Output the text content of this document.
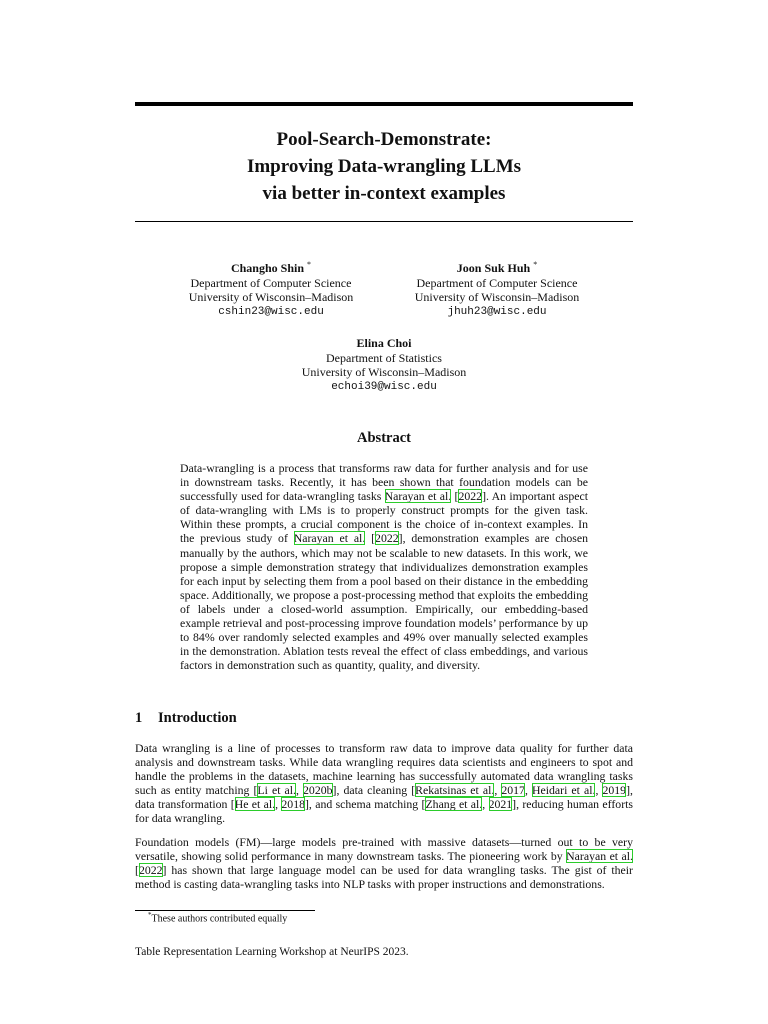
Pool-Search-Demonstrate:
Improving Data-wrangling LLMs
via better in-context examples
Changho Shin *
Department of Computer Science
University of Wisconsin–Madison
cshin23@wisc.edu
Joon Suk Huh *
Department of Computer Science
University of Wisconsin–Madison
jhuh23@wisc.edu
Elina Choi
Department of Statistics
University of Wisconsin–Madison
echoi39@wisc.edu
Abstract

Data-wrangling is a process that transforms raw data for further analysis and for use in downstream tasks. Recently, it has been shown that foundation models can be successfully used for data-wrangling tasks Narayan et al. [2022]. An important aspect of data-wrangling with LMs is to properly construct prompts for the given task. Within these prompts, a crucial component is the choice of in-context examples. In the previous study of Narayan et al. [2022], demonstration examples are chosen manually by the authors, which may not be scalable to new datasets. In this work, we propose a simple demonstration strategy that individualizes demonstration examples for each input by selecting them from a pool based on their distance in the embedding space. Additionally, we propose a post-processing method that exploits the embedding of labels under a closed-world assumption. Empirically, our embedding-based example retrieval and post-processing improve foundation models’ performance by up to 84% over randomly selected examples and 49% over manually selected examples in the demonstration. Ablation tests reveal the effect of class embeddings, and various factors in demonstration such as quantity, quality, and diversity.

1 Introduction

Data wrangling is a line of processes to transform raw data to improve data quality for further data analysis and downstream tasks. While data wrangling requires data scientists and engineers to spot and handle the problems in the datasets, machine learning has successfully automated data wrangling tasks such as entity matching [Li et al., 2020b], data cleaning [Rekatsinas et al., 2017, Heidari et al., 2019], data transformation [He et al., 2018], and schema matching [Zhang et al., 2021], reducing human efforts for data wrangling.

Foundation models (FM)—large models pre-trained with massive datasets—turned out to be very versatile, showing solid performance in many downstream tasks. The pioneering work by Narayan et al. [2022] has shown that large language model can be used for data wrangling tasks. The gist of their method is casting data-wrangling tasks into NLP tasks with proper instructions and demonstrations.

*These authors contributed equally
Table Representation Learning Workshop at NeurIPS 2023.
